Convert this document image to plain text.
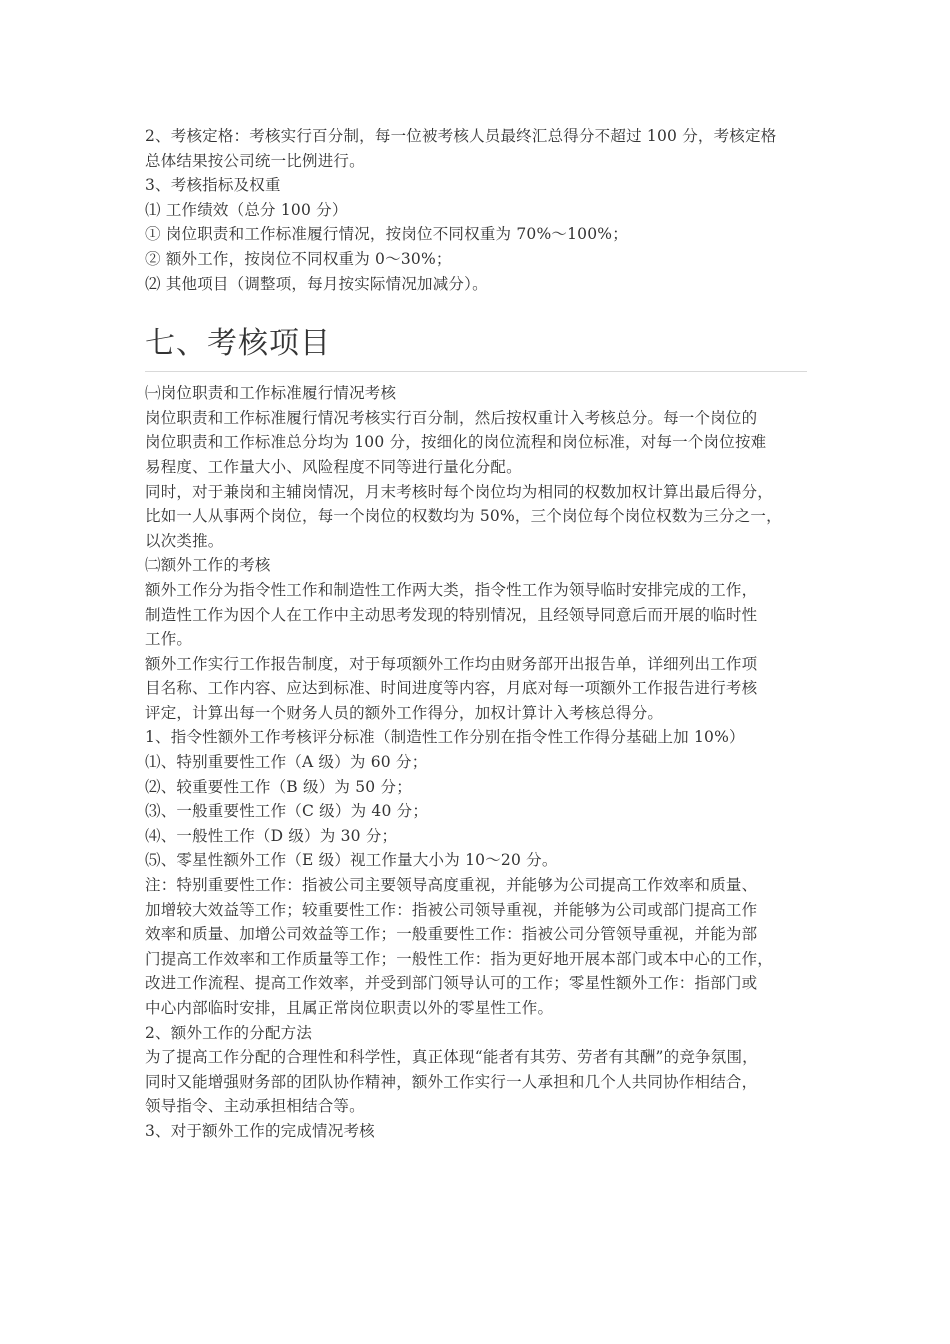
2、考核定格：考核实行百分制，每一位被考核人员最终汇总得分不超过 100 分，考核定格
总体结果按公司统一比例进行。
3、考核指标及权重
⑴ 工作绩效（总分 100 分）
① 岗位职责和工作标准履行情况，按岗位不同权重为 70%～100%；
② 额外工作，按岗位不同权重为 0～30%；
⑵ 其他项目（调整项，每月按实际情况加减分）。
七、考核项目
㈠岗位职责和工作标准履行情况考核
岗位职责和工作标准履行情况考核实行百分制，然后按权重计入考核总分。每一个岗位的
岗位职责和工作标准总分均为 100 分，按细化的岗位流程和岗位标准，对每一个岗位按难
易程度、工作量大小、风险程度不同等进行量化分配。
同时，对于兼岗和主辅岗情况，月末考核时每个岗位均为相同的权数加权计算出最后得分，
比如一人从事两个岗位，每一个岗位的权数均为 50%，三个岗位每个岗位权数为三分之一，
以次类推。
㈡额外工作的考核
额外工作分为指令性工作和制造性工作两大类，指令性工作为领导临时安排完成的工作，
制造性工作为因个人在工作中主动思考发现的特别情况，且经领导同意后而开展的临时性
工作。
额外工作实行工作报告制度，对于每项额外工作均由财务部开出报告单，详细列出工作项
目名称、工作内容、应达到标准、时间进度等内容，月底对每一项额外工作报告进行考核
评定，计算出每一个财务人员的额外工作得分，加权计算计入考核总得分。
1、指令性额外工作考核评分标准（制造性工作分别在指令性工作得分基础上加 10%）
⑴、特别重要性工作（A 级）为 60 分；
⑵、较重要性工作（B 级）为 50 分；
⑶、一般重要性工作（C 级）为 40 分；
⑷、一般性工作（D 级）为 30 分；
⑸、零星性额外工作（E 级）视工作量大小为 10～20 分。
注：特别重要性工作：指被公司主要领导高度重视，并能够为公司提高工作效率和质量、
加增较大效益等工作；较重要性工作：指被公司领导重视，并能够为公司或部门提高工作
效率和质量、加增公司效益等工作；一般重要性工作：指被公司分管领导重视，并能为部
门提高工作效率和工作质量等工作；一般性工作：指为更好地开展本部门或本中心的工作，
改进工作流程、提高工作效率，并受到部门领导认可的工作；零星性额外工作：指部门或
中心内部临时安排，且属正常岗位职责以外的零星性工作。
2、额外工作的分配方法
为了提高工作分配的合理性和科学性，真正体现“能者有其劳、劳者有其酬”的竞争氛围，
同时又能增强财务部的团队协作精神，额外工作实行一人承担和几个人共同协作相结合，
领导指令、主动承担相结合等。
3、对于额外工作的完成情况考核
